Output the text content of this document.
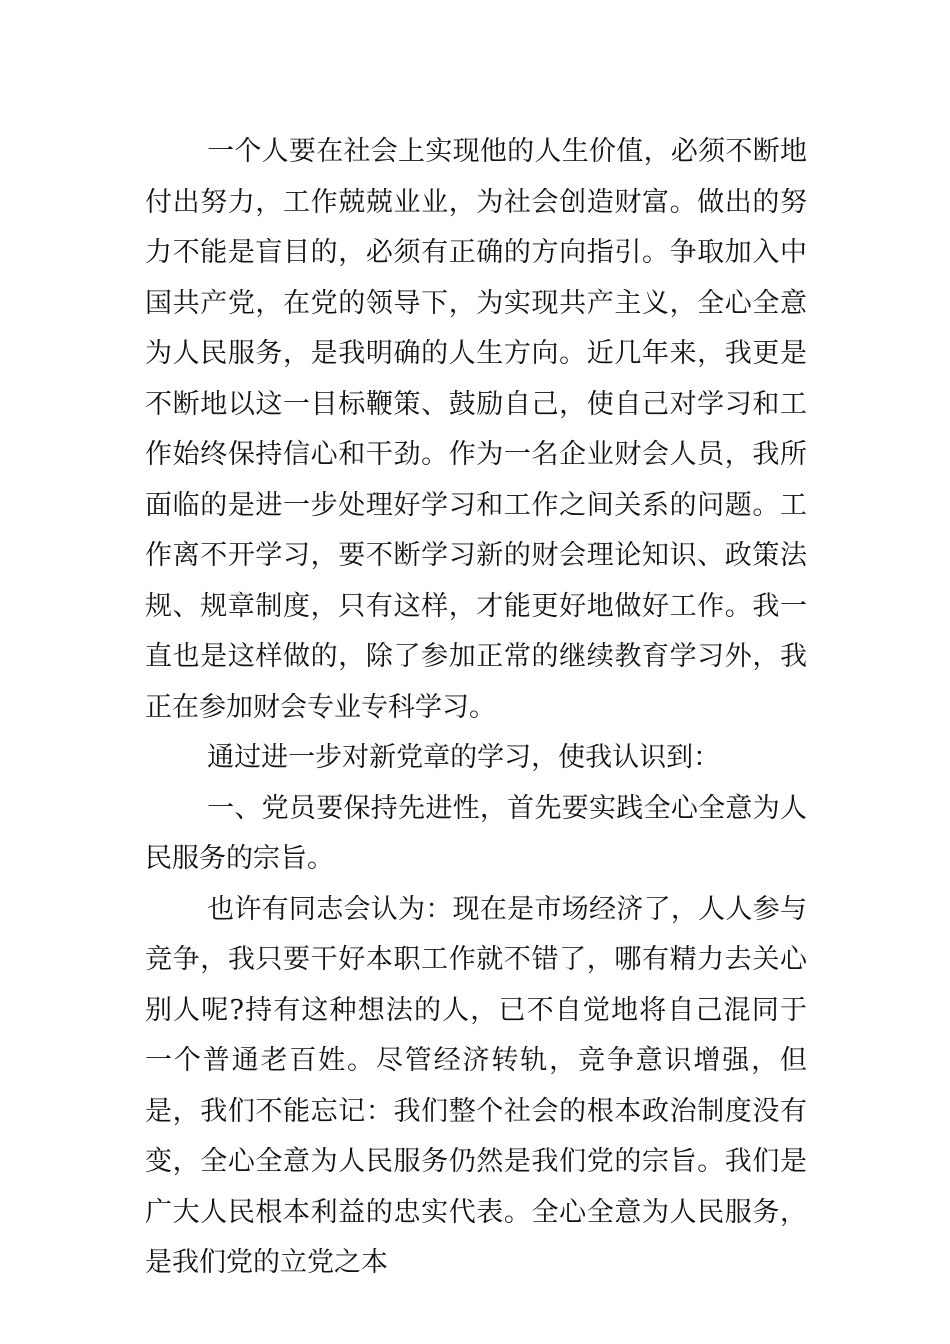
一个人要在社会上实现他的人生价值，必须不断地付出努力，工作兢兢业业，为社会创造财富。做出的努力不能是盲目的，必须有正确的方向指引。争取加入中国共产党，在党的领导下，为实现共产主义，全心全意为人民服务，是我明确的人生方向。近几年来，我更是不断地以这一目标鞭策、鼓励自己，使自己对学习和工作始终保持信心和干劲。作为一名企业财会人员，我所面临的是进一步处理好学习和工作之间关系的问题。工作离不开学习，要不断学习新的财会理论知识、政策法规、规章制度，只有这样，才能更好地做好工作。我一直也是这样做的，除了参加正常的继续教育学习外，我正在参加财会专业专科学习。

通过进一步对新党章的学习，使我认识到：

一、党员要保持先进性，首先要实践全心全意为人民服务的宗旨。

也许有同志会认为：现在是市场经济了，人人参与竞争，我只要干好本职工作就不错了，哪有精力去关心别人呢?持有这种想法的人，已不自觉地将自己混同于一个普通老百姓。尽管经济转轨，竞争意识增强，但是，我们不能忘记：我们整个社会的根本政治制度没有变，全心全意为人民服务仍然是我们党的宗旨。我们是广大人民根本利益的忠实代表。全心全意为人民服务，是我们党的立党之本
